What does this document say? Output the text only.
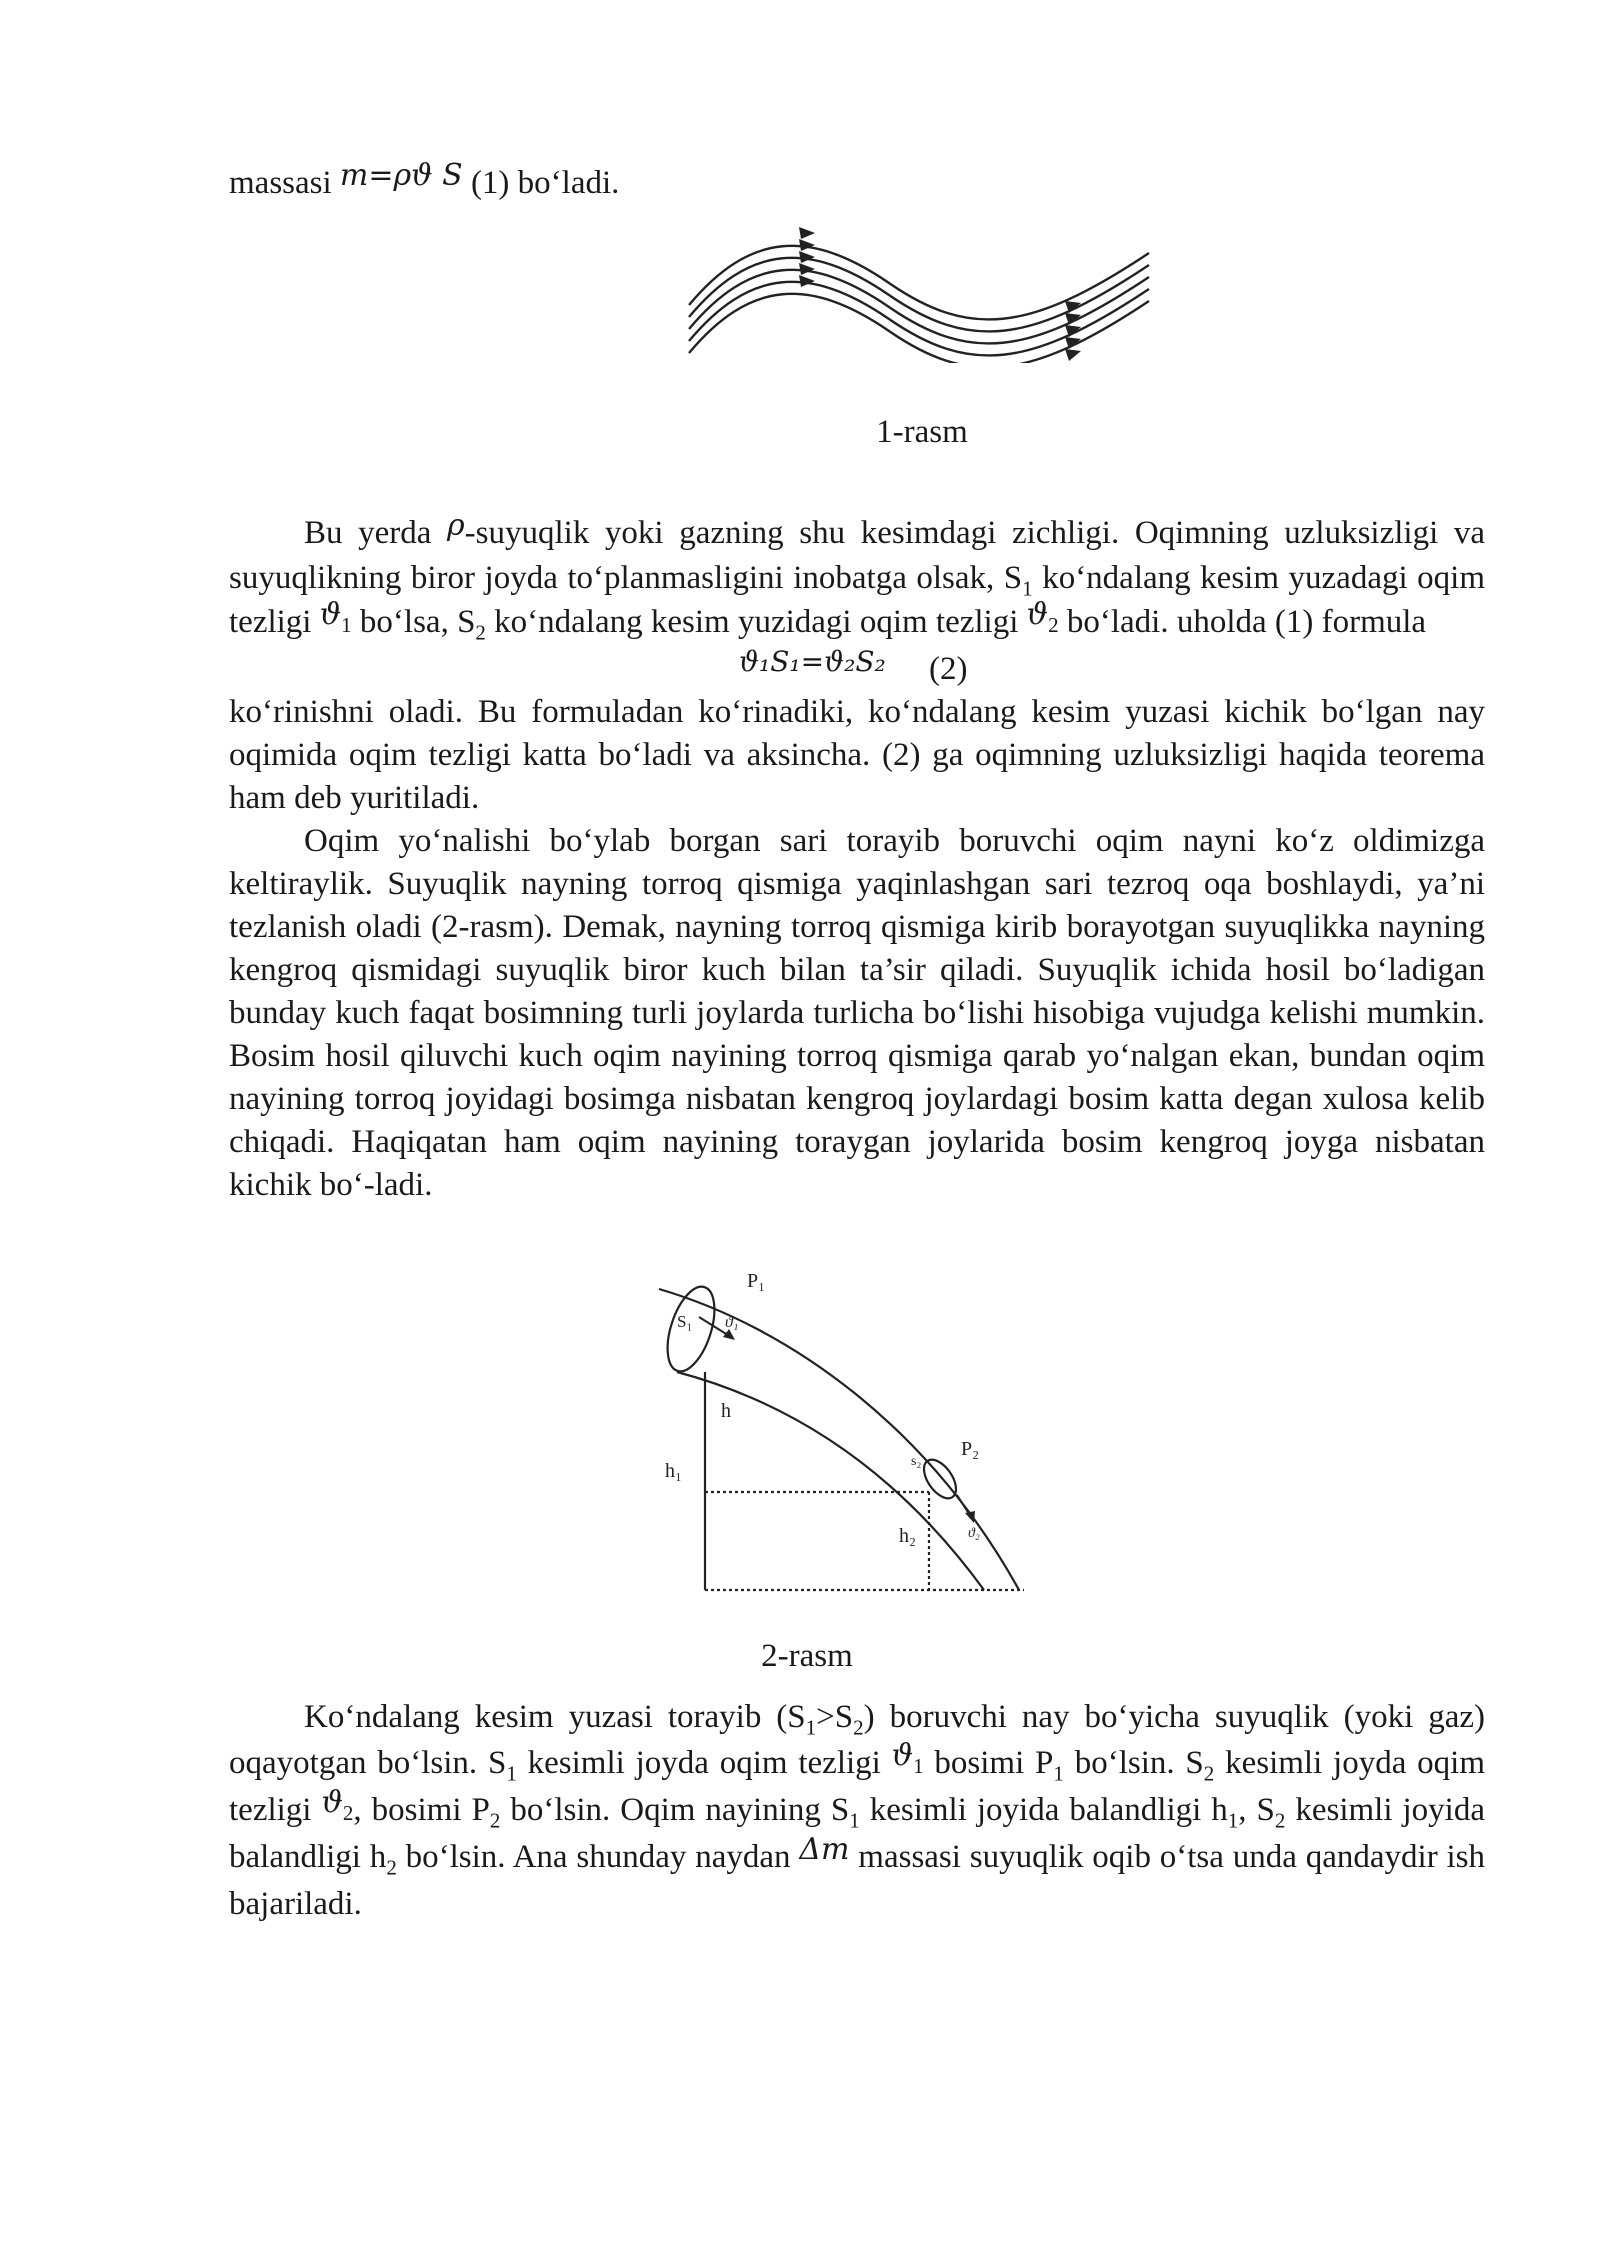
massasi m=ρϑ S (1) bo‘ladi.

1-rasm

Bu yerda ρ-suyuqlik yoki gazning shu kesimdagi zichligi. Oqimning uzluksizligi va suyuqlikning biror joyda to‘planmasligini inobatga olsak, $S_1$ ko‘ndalang kesim yuzadagi oqim tezligi $ϑ_1$ bo‘lsa, $S_2$ ko‘ndalang kesim yuzidagi oqim tezligi $ϑ_2$ bo‘ladi. uholda (1) formula

ϑ₁S₁=ϑ₂S₂ (2)

ko‘rinishni oladi. Bu formuladan ko‘rinadiki, ko‘ndalang kesim yuzasi kichik bo‘lgan nay oqimida oqim tezligi katta bo‘ladi va aksincha. (2) ga oqimning uzluksizligi haqida teorema ham deb yuritiladi.

Oqim yo‘nalishi bo‘ylab borgan sari torayib boruvchi oqim nayni ko‘z oldimizga keltiraylik. Suyuqlik nayning torroq qismiga yaqinlashgan sari tezroq oqa boshlaydi, ya’ni tezlanish oladi (2-rasm). Demak, nayning torroq qismiga kirib borayotgan suyuqlikka nayning kengroq qismidagi suyuqlik biror kuch bilan ta’sir qiladi. Suyuqlik ichida hosil bo‘ladigan bunday kuch faqat bosimning turli joylarda turlicha bo‘lishi hisobiga vujudga kelishi mumkin. Bosim hosil qiluvchi kuch oqim nayining torroq qismiga qarab yo‘nalgan ekan, bundan oqim nayining torroq joyidagi bosimga nisbatan kengroq joylardagi bosim katta degan xulosa kelib chiqadi. Haqiqatan ham oqim nayining toraygan joylarida bosim kengroq joyga nisbatan kichik bo‘-ladi.

P₁
S₁ ϑ₁
h
h₁	s₂
P₂
h₂	ϑ₂
2-rasm

Ko‘ndalang kesim yuzasi torayib $(S_1>S_2)$ boruvchi nay bo‘yicha suyuqlik (yoki gaz) oqayotgan bo‘lsin. $S_1$ kesimli joyda oqim tezligi $ϑ_1$ bosimi $P_1$ bo‘lsin. $S_2$ kesimli joyda oqim tezligi $ϑ_2$, bosimi $P_2$ bo‘lsin. Oqim nayining $S_1$ kesimli joyida balandligi $h_1$, $S_2$ kesimli joyida balandligi $h_2$ bo‘lsin. Ana shunday naydan Δm massasi suyuqlik oqib o‘tsa unda qandaydir ish bajariladi.
